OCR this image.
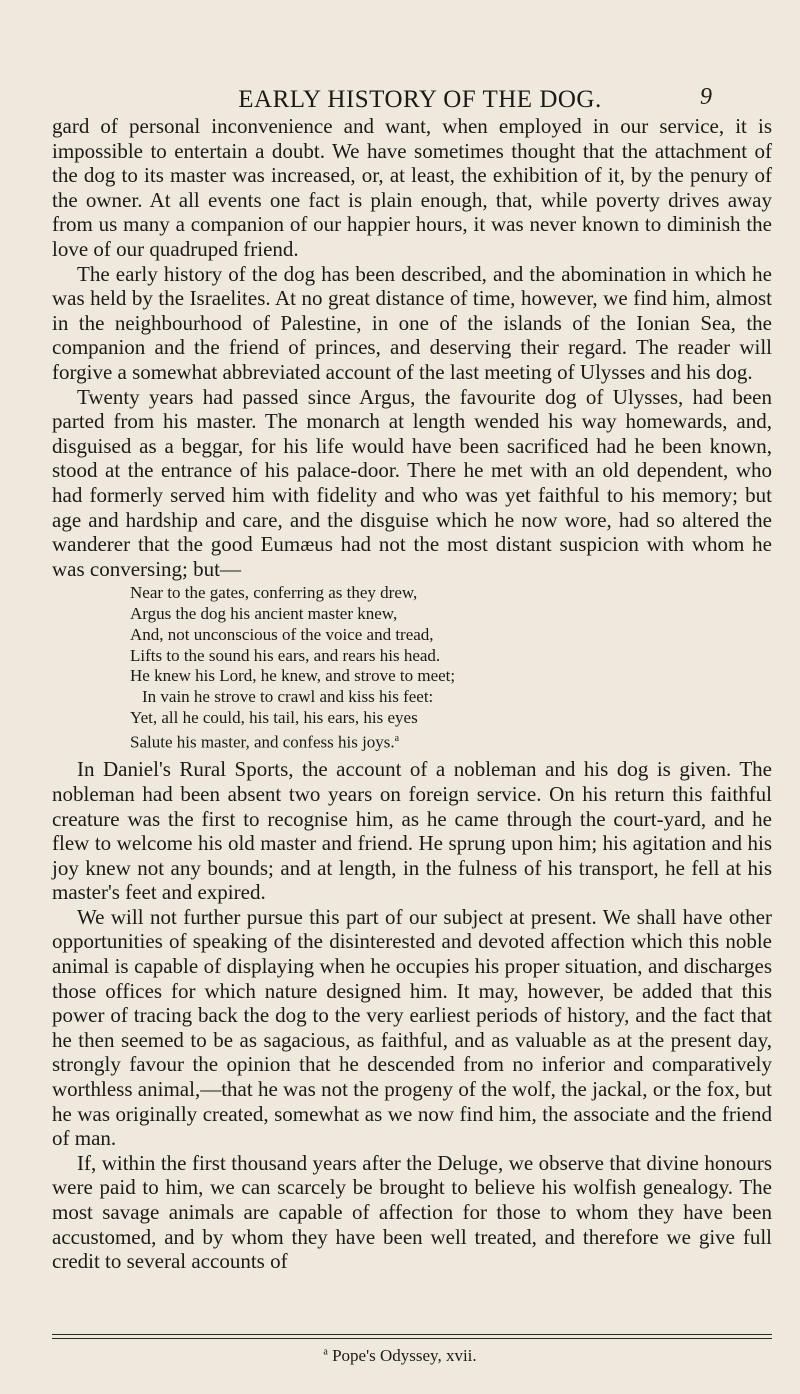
EARLY HISTORY OF THE DOG.	9

gard of personal inconvenience and want, when employed in our service, it is impossible to entertain a doubt. We have sometimes thought that the attachment of the dog to its master was increased, or, at least, the exhibition of it, by the penury of the owner. At all events one fact is plain enough, that, while poverty drives away from us many a companion of our happier hours, it was never known to diminish the love of our quadruped friend.

The early history of the dog has been described, and the abomination in which he was held by the Israelites. At no great distance of time, however, we find him, almost in the neighbourhood of Palestine, in one of the islands of the Ionian Sea, the companion and the friend of princes, and deserving their regard. The reader will forgive a somewhat abbreviated account of the last meeting of Ulysses and his dog.

Twenty years had passed since Argus, the favourite dog of Ulysses, had been parted from his master. The monarch at length wended his way homewards, and, disguised as a beggar, for his life would have been sacrificed had he been known, stood at the entrance of his palace-door. There he met with an old dependent, who had formerly served him with fidelity and who was yet faithful to his memory; but age and hardship and care, and the disguise which he now wore, had so altered the wanderer that the good Eumæus had not the most distant suspicion with whom he was conversing; but—

Near to the gates, conferring as they drew,
Argus the dog his ancient master knew,
And, not unconscious of the voice and tread,
Lifts to the sound his ears, and rears his head.
He knew his Lord, he knew, and strove to meet;
In vain he strove to crawl and kiss his feet:
Yet, all he could, his tail, his ears, his eyes
Salute his master, and confess his joys.$^a$

In Daniel's Rural Sports, the account of a nobleman and his dog is given. The nobleman had been absent two years on foreign service. On his return this faithful creature was the first to recognise him, as he came through the court-yard, and he flew to welcome his old master and friend. He sprung upon him; his agitation and his joy knew not any bounds; and at length, in the fulness of his transport, he fell at his master's feet and expired.

We will not further pursue this part of our subject at present. We shall have other opportunities of speaking of the disinterested and devoted affection which this noble animal is capable of displaying when he occupies his proper situation, and discharges those offices for which nature designed him. It may, however, be added that this power of tracing back the dog to the very earliest periods of history, and the fact that he then seemed to be as sagacious, as faithful, and as valuable as at the present day, strongly favour the opinion that he descended from no inferior and comparatively worthless animal,—that he was not the progeny of the wolf, the jackal, or the fox, but he was originally created, somewhat as we now find him, the associate and the friend of man.

If, within the first thousand years after the Deluge, we observe that divine honours were paid to him, we can scarcely be brought to believe his wolfish genealogy. The most savage animals are capable of affection for those to whom they have been accustomed, and by whom they have been well treated, and therefore we give full credit to several accounts of

$^a$ Pope's Odyssey, xvii.
